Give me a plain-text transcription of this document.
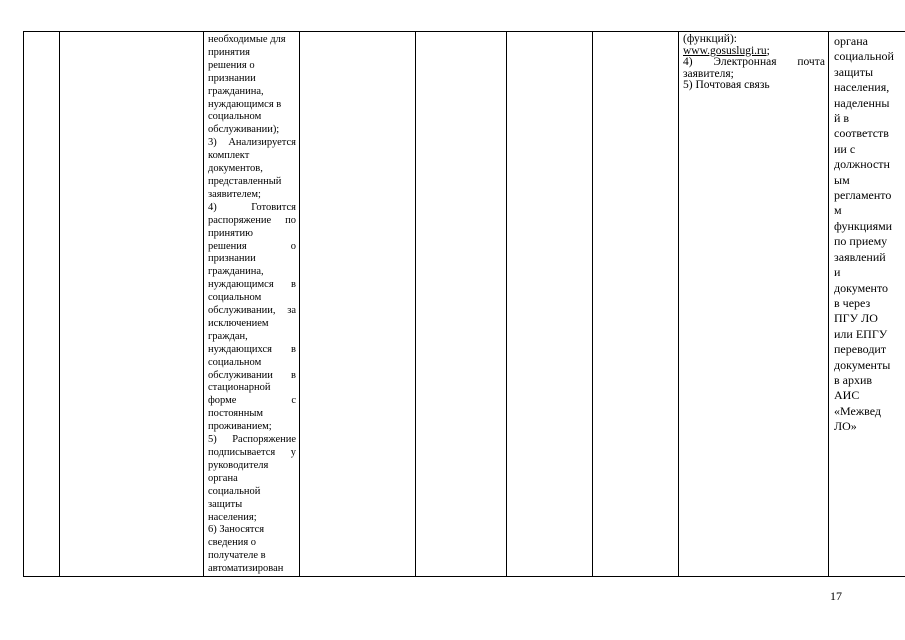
необходимые для
принятия
решения о
признании
гражданина,
нуждающимся в
социальном
обслуживании);
3) Анализируется
комплект
документов,
представленный
заявителем;
4) Готовится
распоряжение по
принятию
решения о
признании
гражданина,
нуждающимся в
социальном
обслуживании, за
исключением
граждан,
нуждающихся в
социальном
обслуживании в
стационарной
форме с
постоянным
проживанием;
5) Распоряжение
подписывается у
руководителя
органа
социальной
защиты
населения;
6) Заносятся
сведения о
получателе в
автоматизирован

(функций):
www.gosuslugi.ru;
4) Электронная почта
заявителя;
5) Почтовая связь

органа
социальной
защиты
населения,
наделенны
й в
соответств
ии с
должностн
ым
регламенто
м
функциями
по приему
заявлений
и
документо
в через
ПГУ ЛО
или ЕПГУ
переводит
документы
в архив
АИС
«Межвед
ЛО»

17
